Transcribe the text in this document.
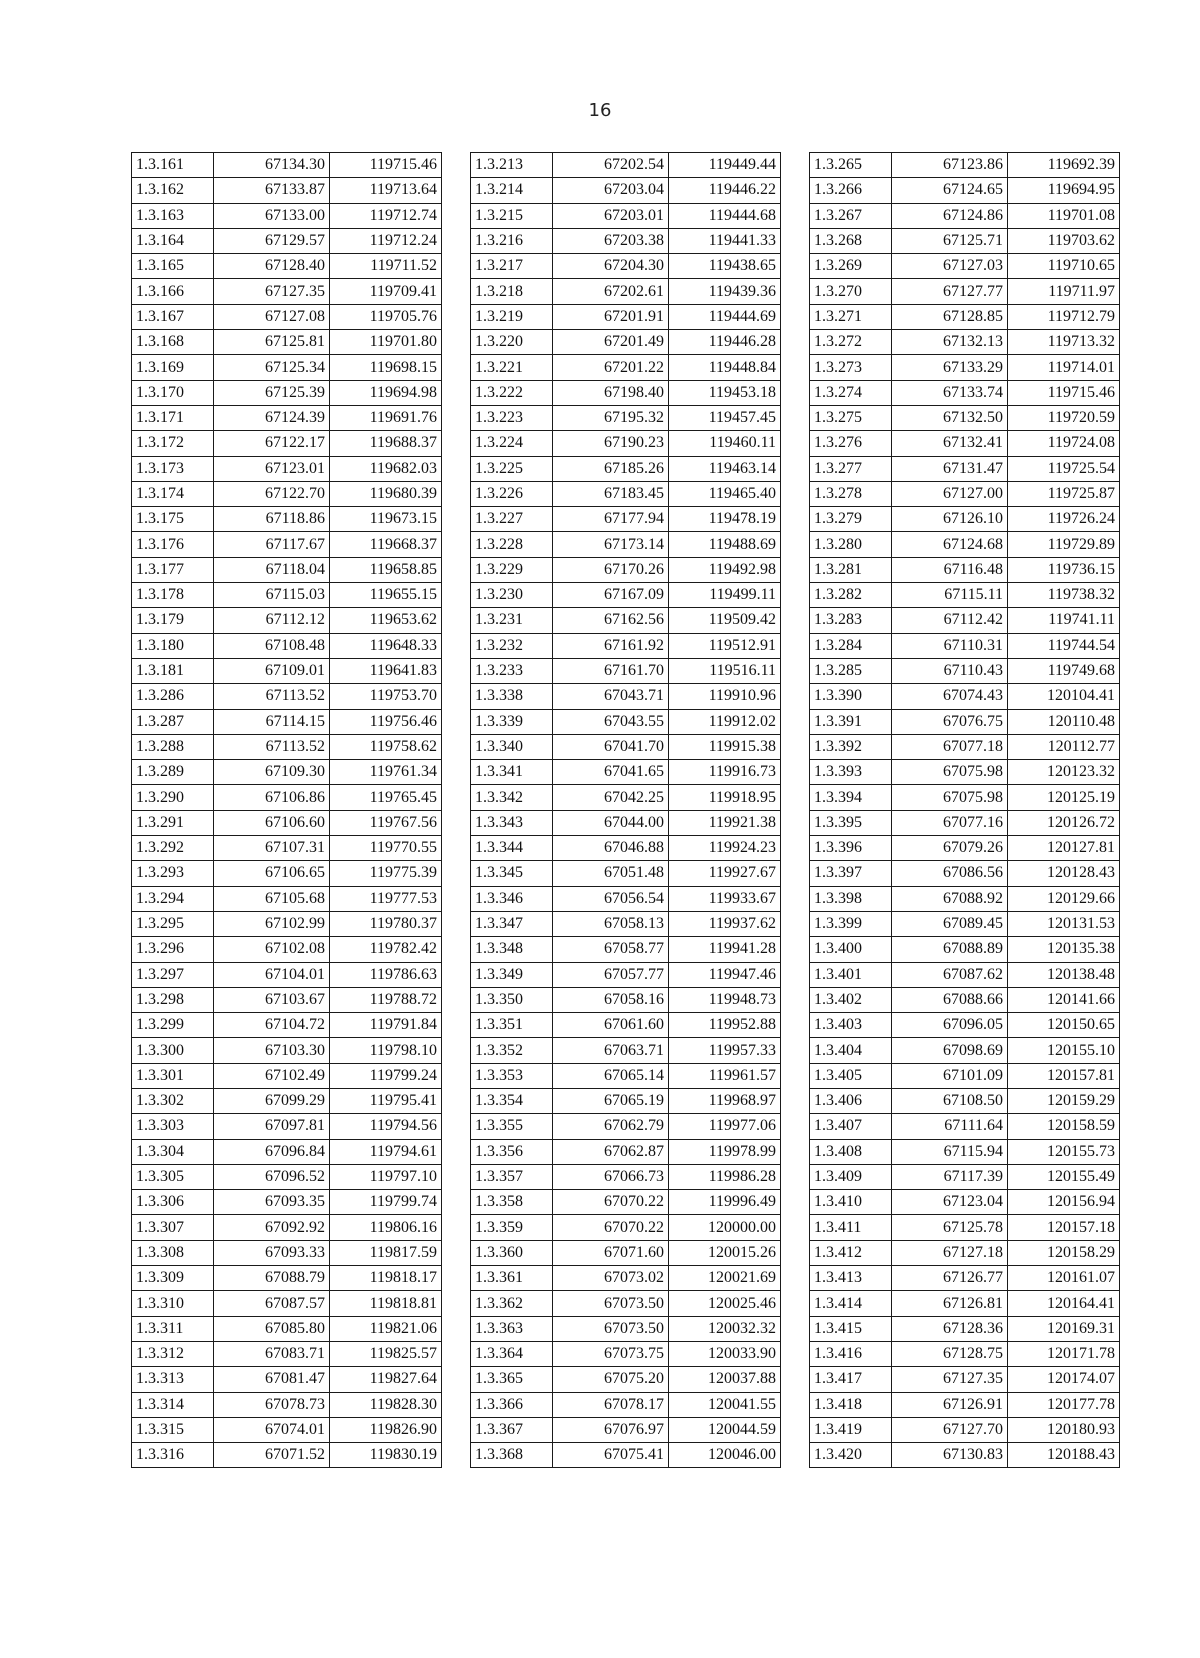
16
1.3.161	67134.30	119715.46
1.3.162	67133.87	119713.64
1.3.163	67133.00	119712.74
1.3.164	67129.57	119712.24
1.3.165	67128.40	119711.52
1.3.166	67127.35	119709.41
1.3.167	67127.08	119705.76
1.3.168	67125.81	119701.80
1.3.169	67125.34	119698.15
1.3.170	67125.39	119694.98
1.3.171	67124.39	119691.76
1.3.172	67122.17	119688.37
1.3.173	67123.01	119682.03
1.3.174	67122.70	119680.39
1.3.175	67118.86	119673.15
1.3.176	67117.67	119668.37
1.3.177	67118.04	119658.85
1.3.178	67115.03	119655.15
1.3.179	67112.12	119653.62
1.3.180	67108.48	119648.33
1.3.181	67109.01	119641.83
1.3.286	67113.52	119753.70
1.3.287	67114.15	119756.46
1.3.288	67113.52	119758.62
1.3.289	67109.30	119761.34
1.3.290	67106.86	119765.45
1.3.291	67106.60	119767.56
1.3.292	67107.31	119770.55
1.3.293	67106.65	119775.39
1.3.294	67105.68	119777.53
1.3.295	67102.99	119780.37
1.3.296	67102.08	119782.42
1.3.297	67104.01	119786.63
1.3.298	67103.67	119788.72
1.3.299	67104.72	119791.84
1.3.300	67103.30	119798.10
1.3.301	67102.49	119799.24
1.3.302	67099.29	119795.41
1.3.303	67097.81	119794.56
1.3.304	67096.84	119794.61
1.3.305	67096.52	119797.10
1.3.306	67093.35	119799.74
1.3.307	67092.92	119806.16
1.3.308	67093.33	119817.59
1.3.309	67088.79	119818.17
1.3.310	67087.57	119818.81
1.3.311	67085.80	119821.06
1.3.312	67083.71	119825.57
1.3.313	67081.47	119827.64
1.3.314	67078.73	119828.30
1.3.315	67074.01	119826.90
1.3.316	67071.52	119830.19
1.3.213	67202.54	119449.44
1.3.214	67203.04	119446.22
1.3.215	67203.01	119444.68
1.3.216	67203.38	119441.33
1.3.217	67204.30	119438.65
1.3.218	67202.61	119439.36
1.3.219	67201.91	119444.69
1.3.220	67201.49	119446.28
1.3.221	67201.22	119448.84
1.3.222	67198.40	119453.18
1.3.223	67195.32	119457.45
1.3.224	67190.23	119460.11
1.3.225	67185.26	119463.14
1.3.226	67183.45	119465.40
1.3.227	67177.94	119478.19
1.3.228	67173.14	119488.69
1.3.229	67170.26	119492.98
1.3.230	67167.09	119499.11
1.3.231	67162.56	119509.42
1.3.232	67161.92	119512.91
1.3.233	67161.70	119516.11
1.3.338	67043.71	119910.96
1.3.339	67043.55	119912.02
1.3.340	67041.70	119915.38
1.3.341	67041.65	119916.73
1.3.342	67042.25	119918.95
1.3.343	67044.00	119921.38
1.3.344	67046.88	119924.23
1.3.345	67051.48	119927.67
1.3.346	67056.54	119933.67
1.3.347	67058.13	119937.62
1.3.348	67058.77	119941.28
1.3.349	67057.77	119947.46
1.3.350	67058.16	119948.73
1.3.351	67061.60	119952.88
1.3.352	67063.71	119957.33
1.3.353	67065.14	119961.57
1.3.354	67065.19	119968.97
1.3.355	67062.79	119977.06
1.3.356	67062.87	119978.99
1.3.357	67066.73	119986.28
1.3.358	67070.22	119996.49
1.3.359	67070.22	120000.00
1.3.360	67071.60	120015.26
1.3.361	67073.02	120021.69
1.3.362	67073.50	120025.46
1.3.363	67073.50	120032.32
1.3.364	67073.75	120033.90
1.3.365	67075.20	120037.88
1.3.366	67078.17	120041.55
1.3.367	67076.97	120044.59
1.3.368	67075.41	120046.00
1.3.265	67123.86	119692.39
1.3.266	67124.65	119694.95
1.3.267	67124.86	119701.08
1.3.268	67125.71	119703.62
1.3.269	67127.03	119710.65
1.3.270	67127.77	119711.97
1.3.271	67128.85	119712.79
1.3.272	67132.13	119713.32
1.3.273	67133.29	119714.01
1.3.274	67133.74	119715.46
1.3.275	67132.50	119720.59
1.3.276	67132.41	119724.08
1.3.277	67131.47	119725.54
1.3.278	67127.00	119725.87
1.3.279	67126.10	119726.24
1.3.280	67124.68	119729.89
1.3.281	67116.48	119736.15
1.3.282	67115.11	119738.32
1.3.283	67112.42	119741.11
1.3.284	67110.31	119744.54
1.3.285	67110.43	119749.68
1.3.390	67074.43	120104.41
1.3.391	67076.75	120110.48
1.3.392	67077.18	120112.77
1.3.393	67075.98	120123.32
1.3.394	67075.98	120125.19
1.3.395	67077.16	120126.72
1.3.396	67079.26	120127.81
1.3.397	67086.56	120128.43
1.3.398	67088.92	120129.66
1.3.399	67089.45	120131.53
1.3.400	67088.89	120135.38
1.3.401	67087.62	120138.48
1.3.402	67088.66	120141.66
1.3.403	67096.05	120150.65
1.3.404	67098.69	120155.10
1.3.405	67101.09	120157.81
1.3.406	67108.50	120159.29
1.3.407	67111.64	120158.59
1.3.408	67115.94	120155.73
1.3.409	67117.39	120155.49
1.3.410	67123.04	120156.94
1.3.411	67125.78	120157.18
1.3.412	67127.18	120158.29
1.3.413	67126.77	120161.07
1.3.414	67126.81	120164.41
1.3.415	67128.36	120169.31
1.3.416	67128.75	120171.78
1.3.417	67127.35	120174.07
1.3.418	67126.91	120177.78
1.3.419	67127.70	120180.93
1.3.420	67130.83	120188.43
